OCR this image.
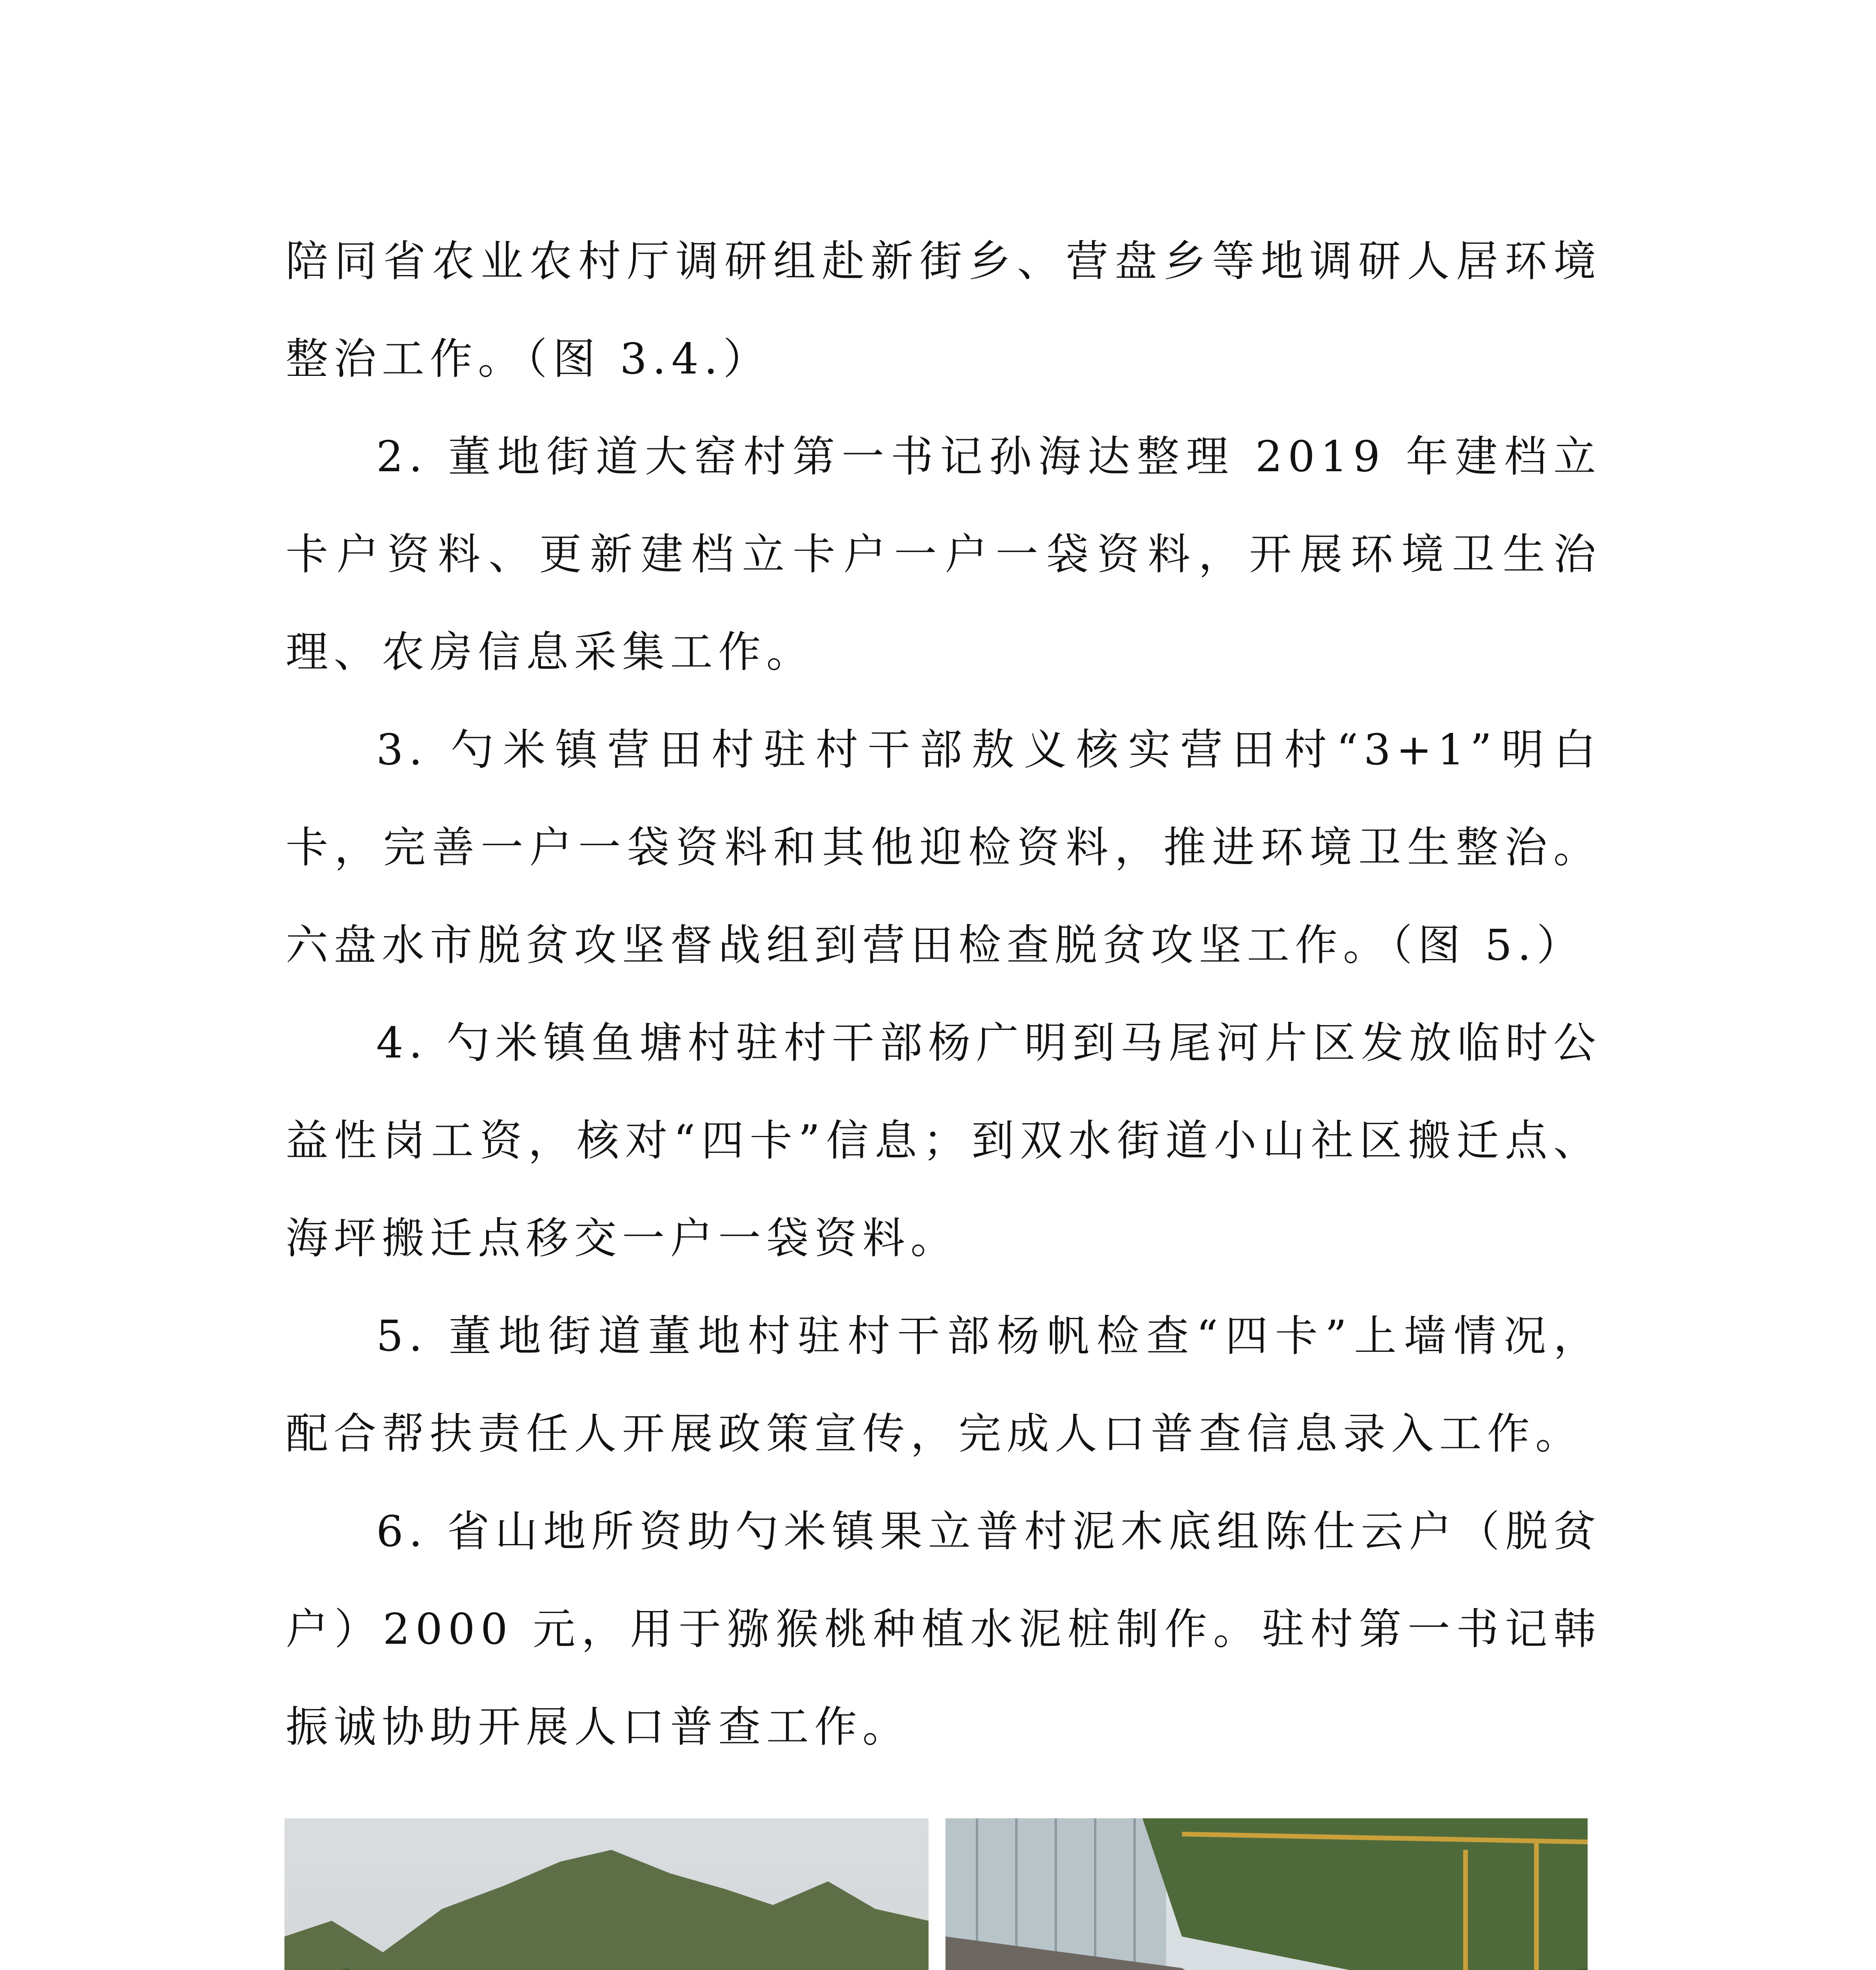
陪同省农业农村厅调研组赴新街乡、营盘乡等地调研人居环境整治工作。（图 3.4.）

2. 董地街道大窑村第一书记孙海达整理 2019 年建档立卡户资料、更新建档立卡户一户一袋资料，开展环境卫生治理、农房信息采集工作。

3. 勺米镇营田村驻村干部敖义核实营田村“3+1”明白卡，完善一户一袋资料和其他迎检资料，推进环境卫生整治。六盘水市脱贫攻坚督战组到营田检查脱贫攻坚工作。（图 5.）

4. 勺米镇鱼塘村驻村干部杨广明到马尾河片区发放临时公益性岗工资，核对“四卡”信息；到双水街道小山社区搬迁点、海坪搬迁点移交一户一袋资料。

5. 董地街道董地村驻村干部杨帆检查“四卡”上墙情况，配合帮扶责任人开展政策宣传，完成人口普查信息录入工作。

6. 省山地所资助勺米镇果立普村泥木底组陈仕云户（脱贫户）2000 元，用于猕猴桃种植水泥桩制作。驻村第一书记韩振诚协助开展人口普查工作。
